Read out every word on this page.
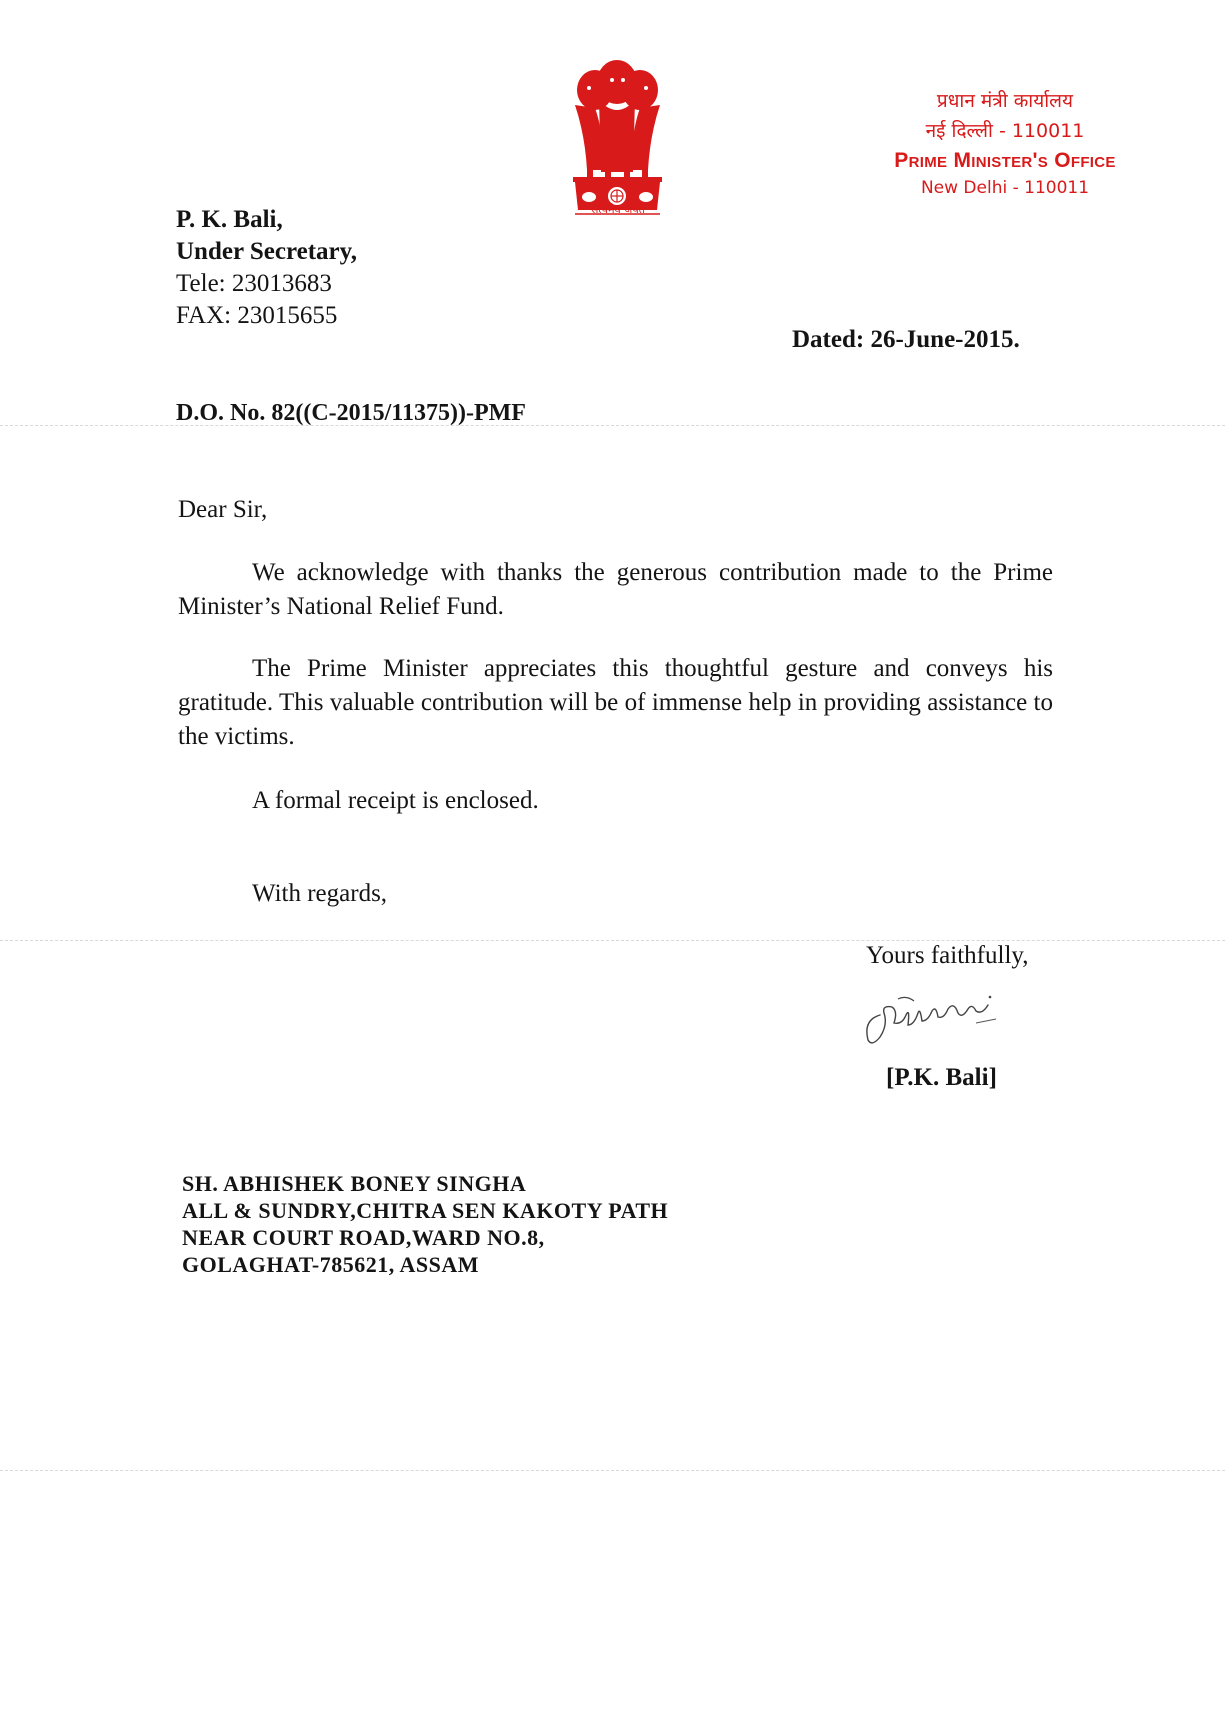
सत्यमेव जयते
प्रधान मंत्री कार्यालय
नई दिल्ली - 110011
Prime Minister's Office
New Delhi - 110011
P. K. Bali,
Under Secretary,
Tele: 23013683
FAX: 23015655
Dated: 26-June-2015.
D.O. No. 82((C-2015/11375))-PMF
Dear Sir,
We acknowledge with thanks the generous contribution made to the Prime Minister’s National Relief Fund.
The Prime Minister appreciates this thoughtful gesture and conveys his gratitude. This valuable contribution will be of immense help in providing assistance to the victims.
A formal receipt is enclosed.
With regards,
Yours faithfully,
[P.K. Bali]
SH. ABHISHEK BONEY SINGHA
ALL & SUNDRY,CHITRA SEN KAKOTY PATH
NEAR COURT ROAD,WARD NO.8,
GOLAGHAT-785621, ASSAM
